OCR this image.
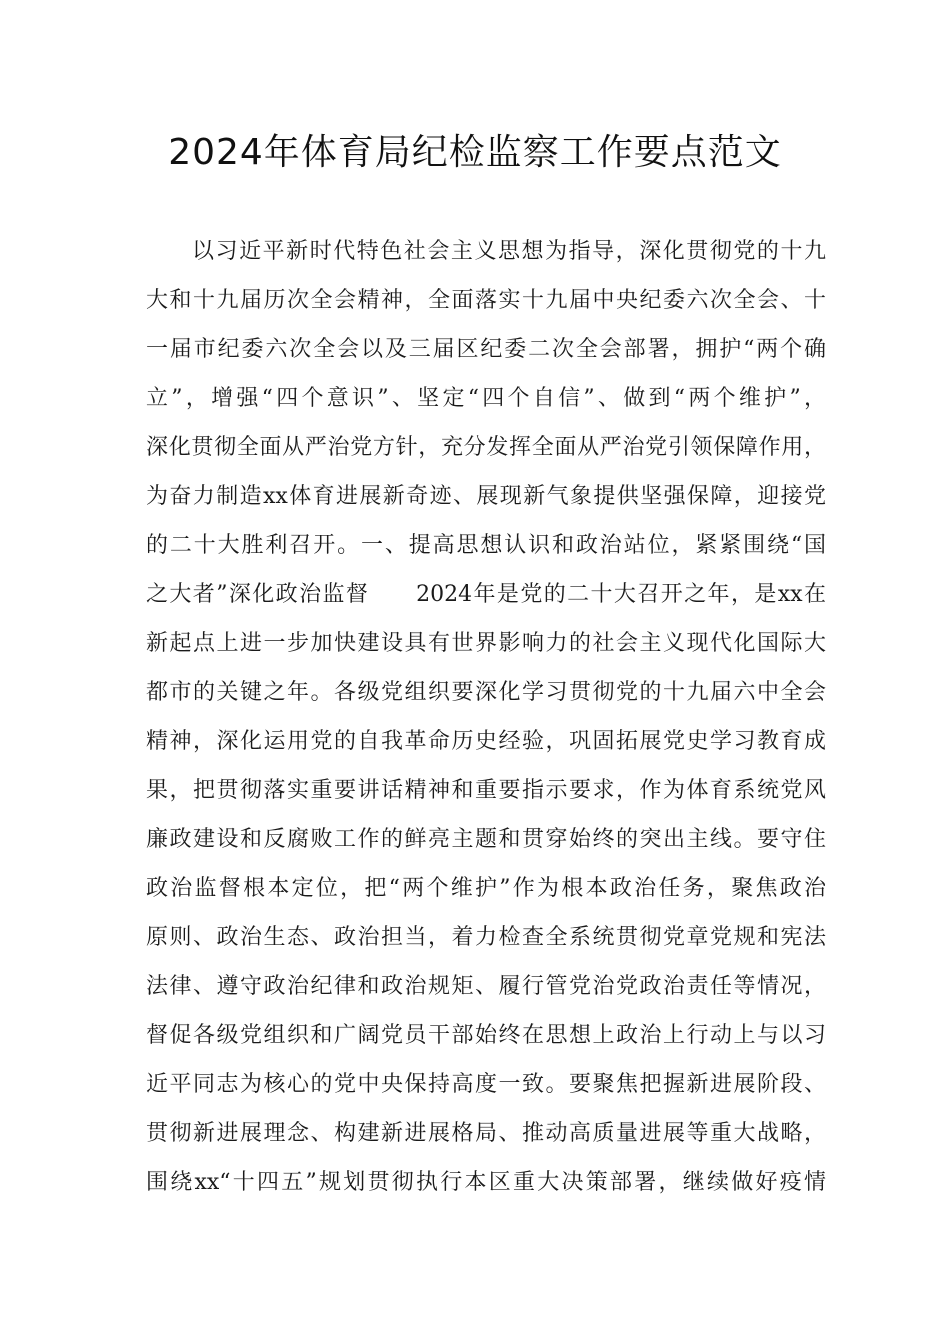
2024年体育局纪检监察工作要点范文
以习近平新时代特色社会主义思想为指导，深化贯彻党的十九
大和十九届历次全会精神，全面落实十九届中央纪委六次全会、十
一届市纪委六次全会以及三届区纪委二次全会部署，拥护“两个确
立”，增强“四个意识”、坚定“四个自信”、做到“两个维护”，
深化贯彻全面从严治党方针，充分发挥全面从严治党引领保障作用，
为奋力制造xx体育进展新奇迹、展现新气象提供坚强保障，迎接党
的二十大胜利召开。一、提高思想认识和政治站位，紧紧围绕“国
之大者”深化政治监督　　2024年是党的二十大召开之年，是xx在
新起点上进一步加快建设具有世界影响力的社会主义现代化国际大
都市的关键之年。各级党组织要深化学习贯彻党的十九届六中全会
精神，深化运用党的自我革命历史经验，巩固拓展党史学习教育成
果，把贯彻落实重要讲话精神和重要指示要求，作为体育系统党风
廉政建设和反腐败工作的鲜亮主题和贯穿始终的突出主线。要守住
政治监督根本定位，把“两个维护”作为根本政治任务，聚焦政治
原则、政治生态、政治担当，着力检查全系统贯彻党章党规和宪法
法律、遵守政治纪律和政治规矩、履行管党治党政治责任等情况，
督促各级党组织和广阔党员干部始终在思想上政治上行动上与以习
近平同志为核心的党中央保持高度一致。要聚焦把握新进展阶段、
贯彻新进展理念、构建新进展格局、推动高质量进展等重大战略，
围绕xx“十四五”规划贯彻执行本区重大决策部署，继续做好疫情
